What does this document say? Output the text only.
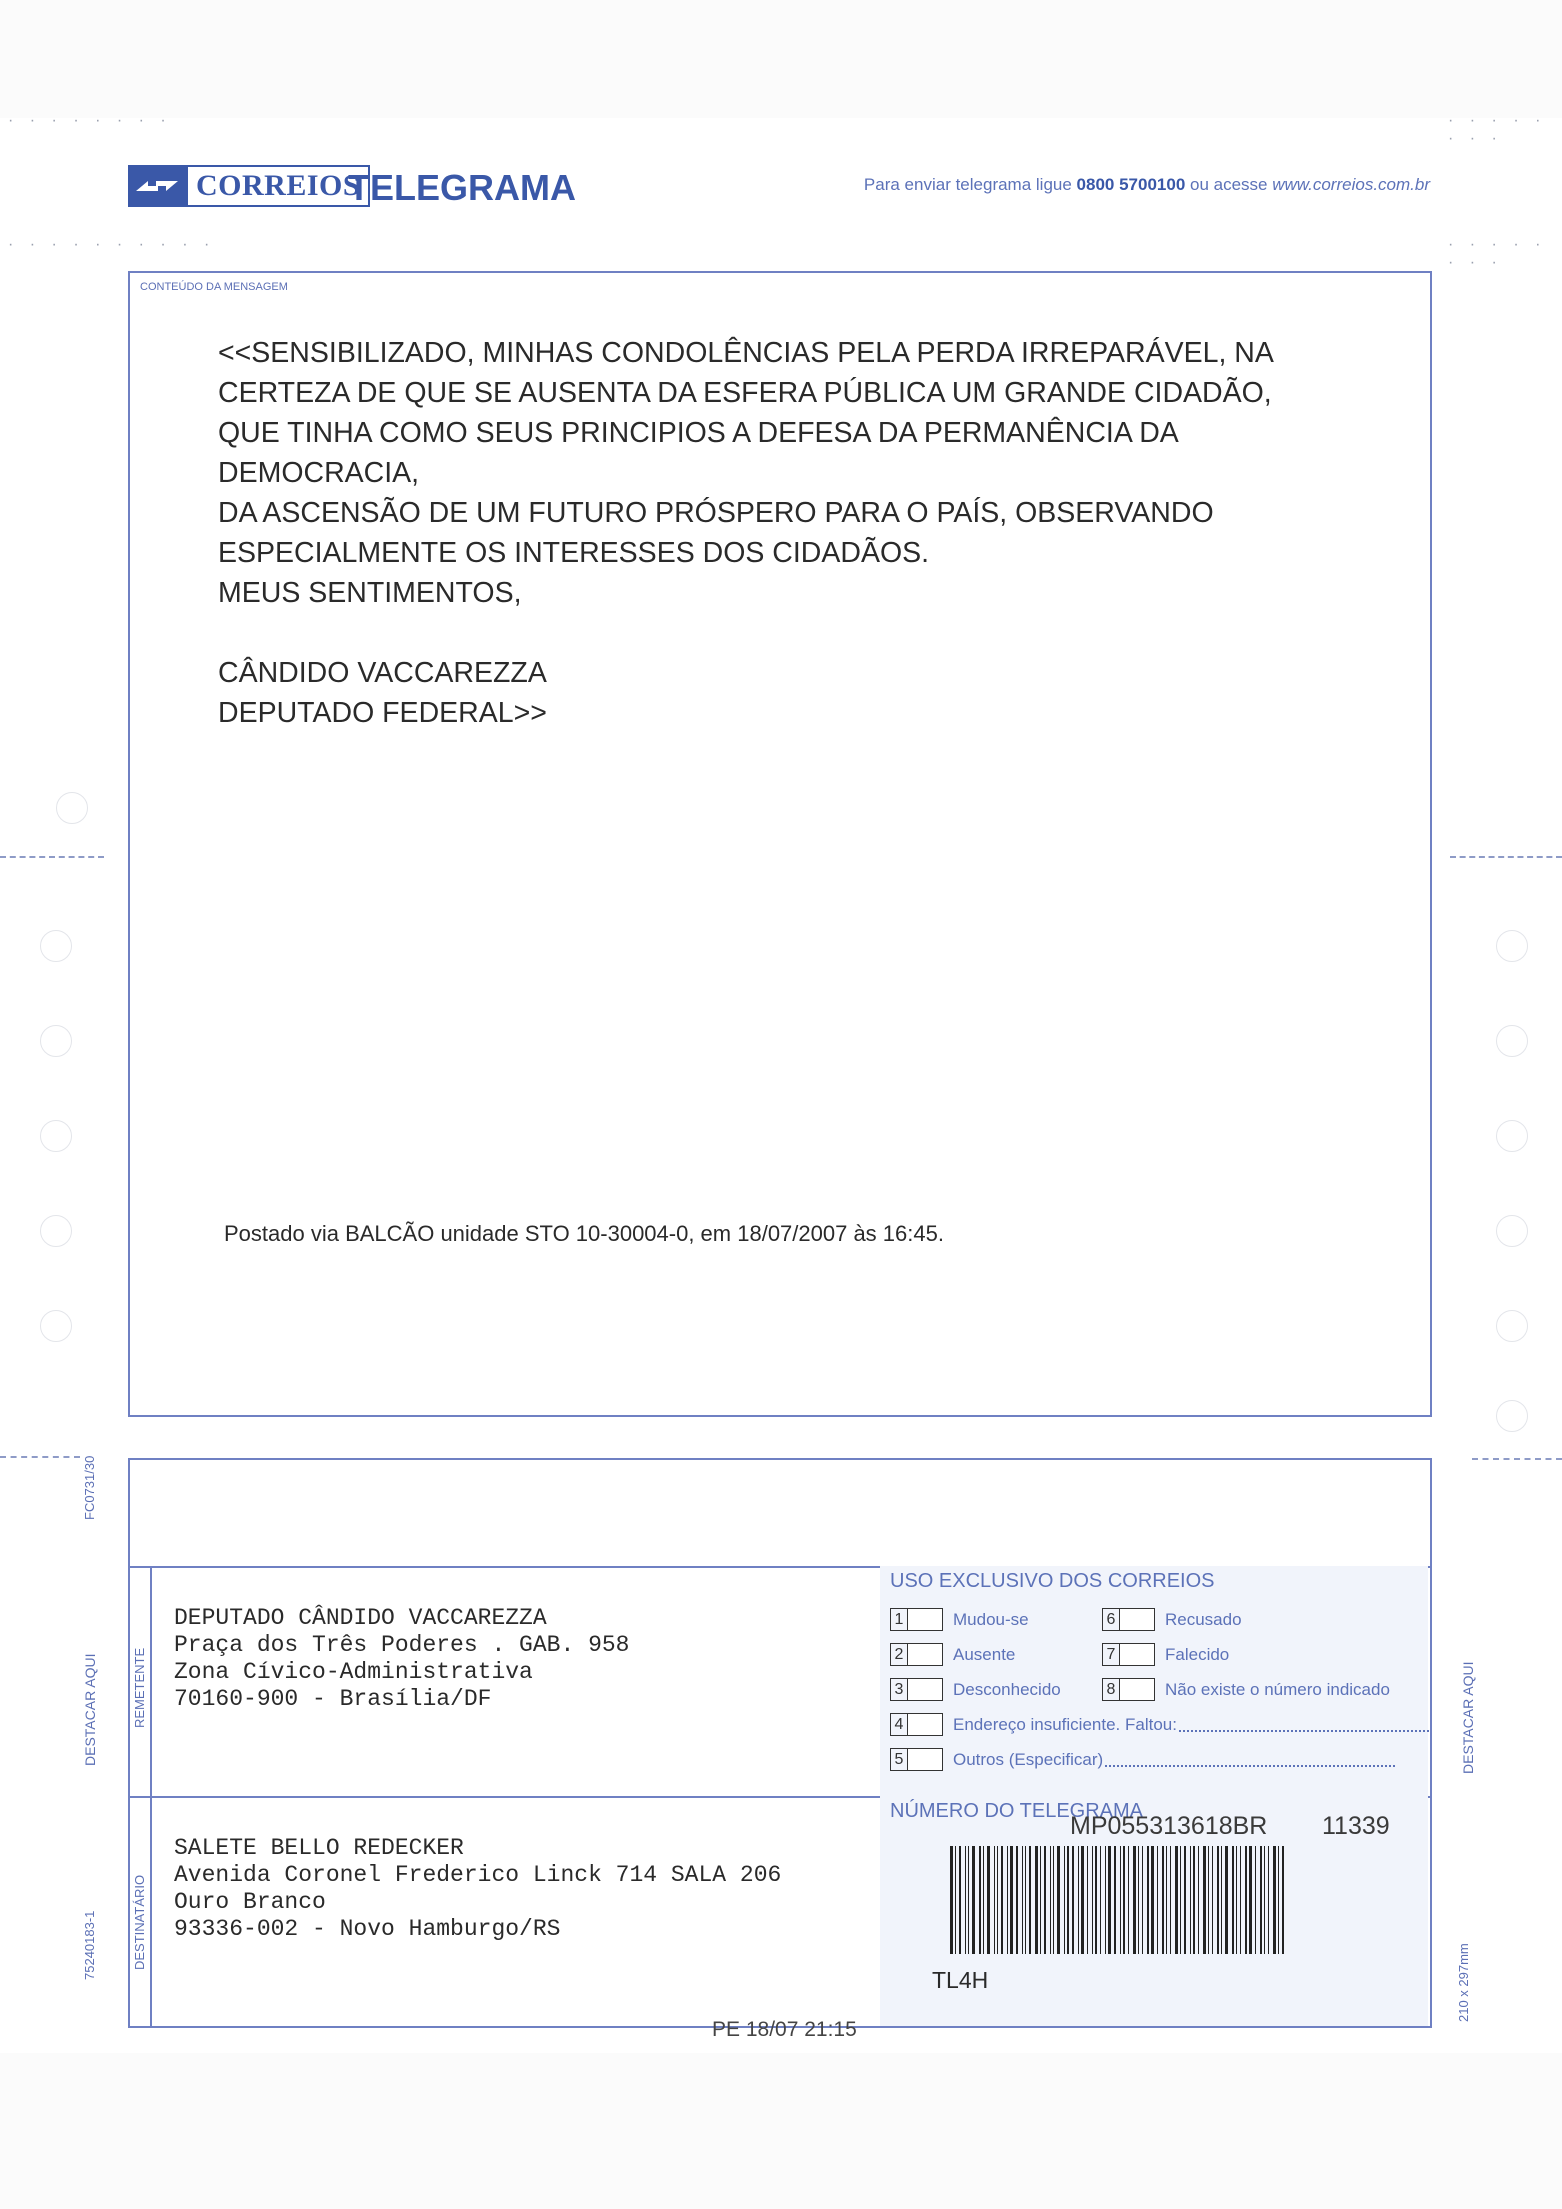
· · · · · · · ·
· · · · · · · · · ·
· · · · · · · ·
· · · · · · · ·
CORREIOS
TELEGRAMA	Para enviar telegrama ligue 0800 5700100 ou acesse www.correios.com.br
CONTEÚDO DA MENSAGEM
<<SENSIBILIZADO, MINHAS CONDOLÊNCIAS PELA PERDA IRREPARÁVEL, NA
CERTEZA DE QUE SE AUSENTA DA ESFERA PÚBLICA UM GRANDE CIDADÃO,
QUE TINHA COMO SEUS PRINCIPIOS A DEFESA DA PERMANÊNCIA DA
DEMOCRACIA,
DA ASCENSÃO DE UM FUTURO PRÓSPERO PARA O PAÍS, OBSERVANDO
ESPECIALMENTE OS INTERESSES DOS CIDADÃOS.
MEUS SENTIMENTOS,

CÂNDIDO VACCAREZZA
DEPUTADO FEDERAL>>
Postado via BALCÃO unidade STO 10-30004-0, em 18/07/2007 às 16:45.
REMETENTE
DESTINATÁRIO
DEPUTADO CÂNDIDO VACCAREZZA
Praça dos Três Poderes . GAB. 958
Zona Cívico-Administrativa
70160-900 - Brasília/DF
SALETE BELLO REDECKER
Avenida Coronel Frederico Linck 714 SALA 206
Ouro Branco
93336-002 - Novo Hamburgo/RS
USO EXCLUSIVO DOS CORREIOS
1	Mudou-se	6	Recusado
2	Ausente	7	Falecido
3	Desconhecido	8	Não existe o número indicado
4	Endereço insuficiente. Faltou:
5	Outros (Especificar)
NÚMERO DO TELEGRAMA
MP055313618BR 11339
TL4H
PE 18/07 21:15
FC0731/30
DESTACAR AQUI
75240183-1
DESTACAR AQUI
210 x 297mm
